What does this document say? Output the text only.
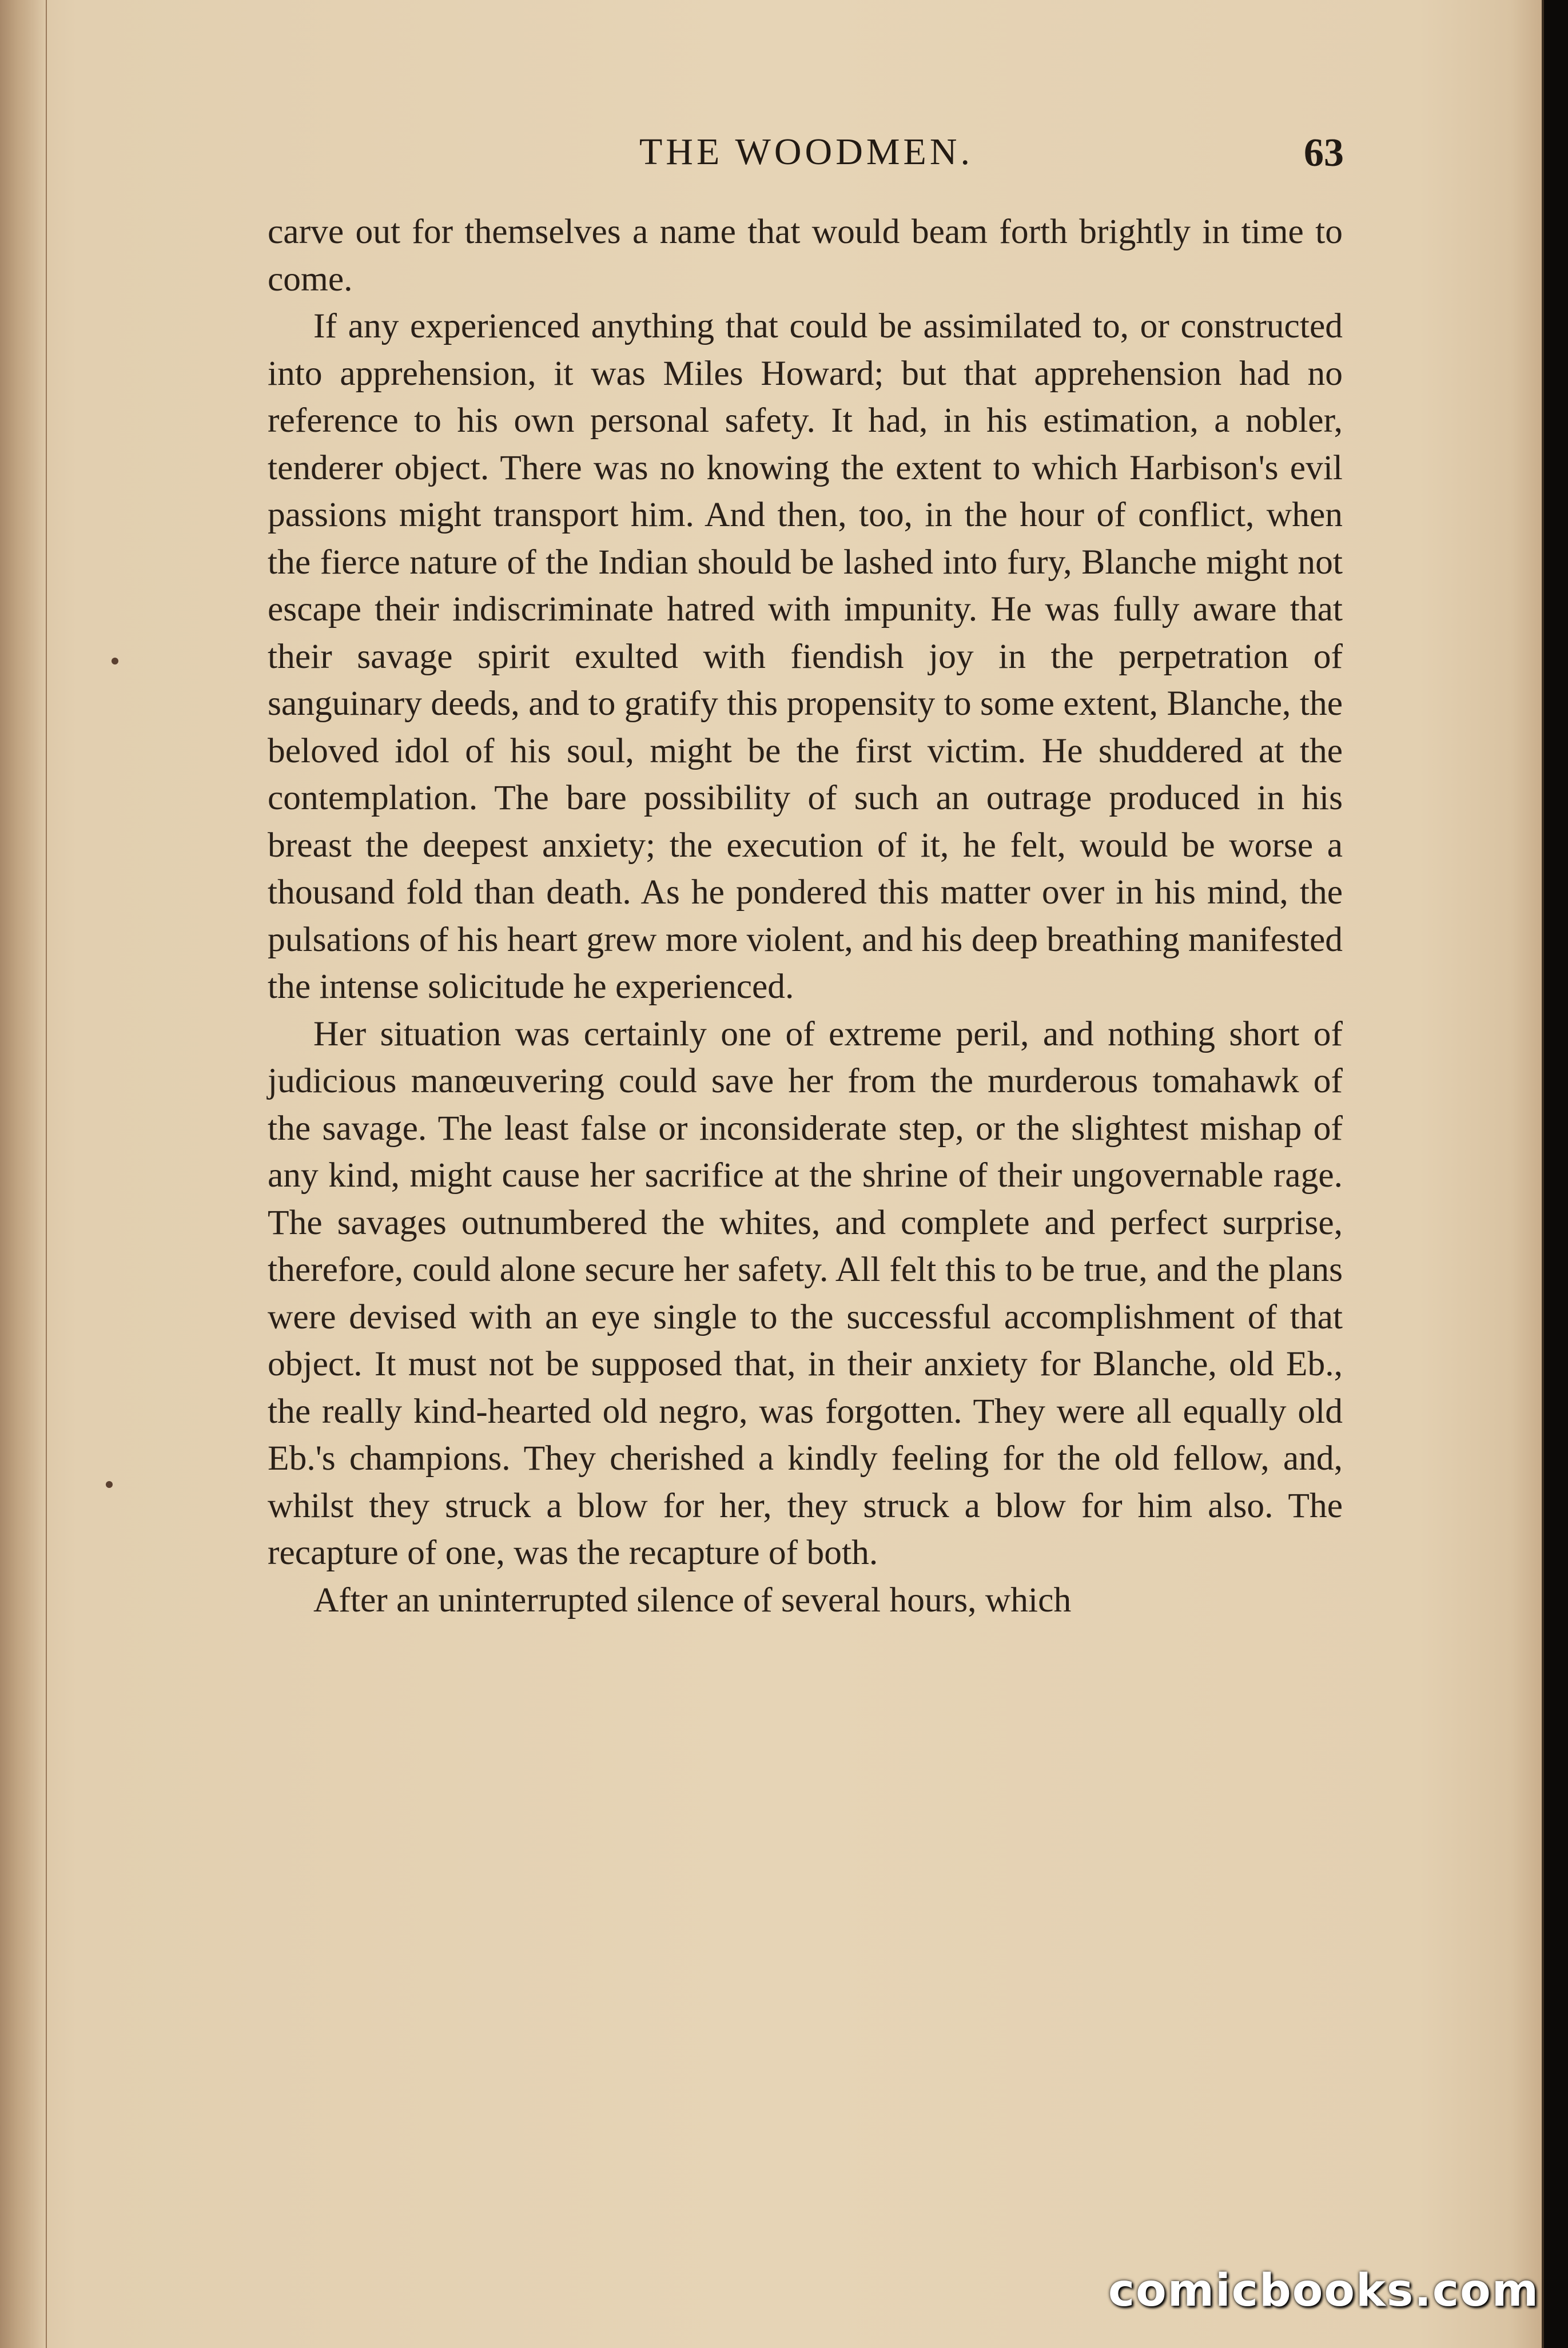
THE WOODMEN.	63

carve out for themselves a name that would beam forth brightly in time to come.

If any experienced anything that could be assimilated to, or constructed into apprehension, it was Miles Howard; but that apprehension had no reference to his own personal safety. It had, in his estimation, a nobler, tenderer object. There was no knowing the extent to which Harbison's evil passions might transport him. And then, too, in the hour of conflict, when the fierce nature of the Indian should be lashed into fury, Blanche might not escape their indiscriminate hatred with impunity. He was fully aware that their savage spirit exulted with fiendish joy in the perpetration of sanguinary deeds, and to gratify this propensity to some extent, Blanche, the beloved idol of his soul, might be the first victim. He shuddered at the contemplation. The bare possibility of such an outrage produced in his breast the deepest anxiety; the execution of it, he felt, would be worse a thousand fold than death. As he pondered this matter over in his mind, the pulsations of his heart grew more violent, and his deep breathing manifested the intense solicitude he experienced.

Her situation was certainly one of extreme peril, and nothing short of judicious manœuvering could save her from the murderous tomahawk of the savage. The least false or inconsiderate step, or the slightest mishap of any kind, might cause her sacrifice at the shrine of their ungovernable rage. The savages outnumbered the whites, and complete and perfect surprise, therefore, could alone secure her safety. All felt this to be true, and the plans were devised with an eye single to the successful accomplishment of that object. It must not be supposed that, in their anxiety for Blanche, old Eb., the really kind-hearted old negro, was forgotten. They were all equally old Eb.'s champions. They cherished a kindly feeling for the old fellow, and, whilst they struck a blow for her, they struck a blow for him also. The recapture of one, was the recapture of both.

After an uninterrupted silence of several hours, which

comicbooks.com
